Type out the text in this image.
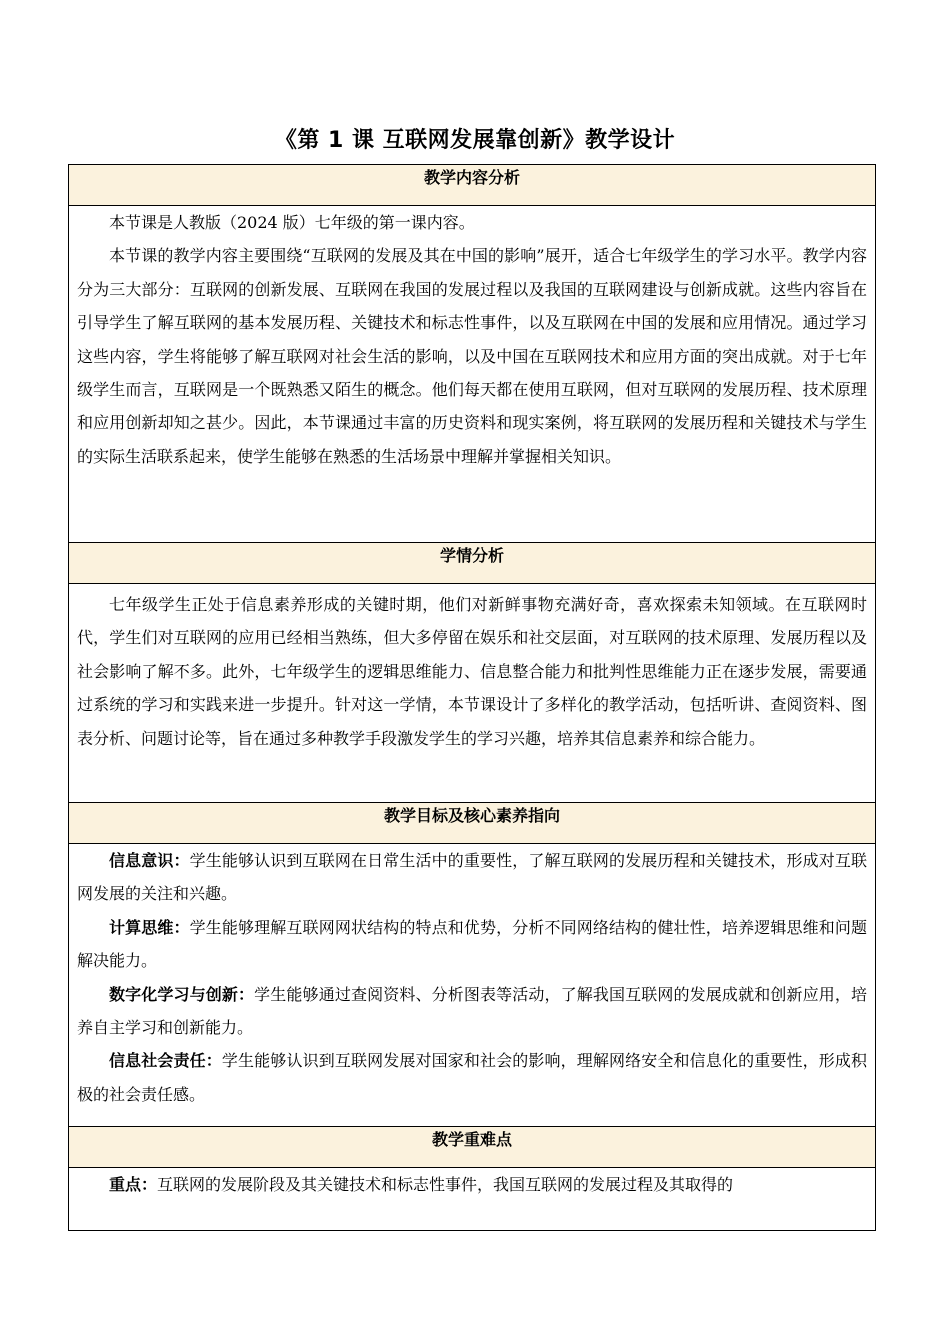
《第 1 课 互联网发展靠创新》教学设计
教学内容分析

本节课是人教版（2024 版）七年级的第一课内容。

本节课的教学内容主要围绕“互联网的发展及其在中国的影响”展开，适合七年级学生的学习水平。教学内容分为三大部分：互联网的创新发展、互联网在我国的发展过程以及我国的互联网建设与创新成就。这些内容旨在引导学生了解互联网的基本发展历程、关键技术和标志性事件，以及互联网在中国的发展和应用情况。通过学习这些内容，学生将能够了解互联网对社会生活的影响，以及中国在互联网技术和应用方面的突出成就。对于七年级学生而言，互联网是一个既熟悉又陌生的概念。他们每天都在使用互联网，但对互联网的发展历程、技术原理和应用创新却知之甚少。因此，本节课通过丰富的历史资料和现实案例，将互联网的发展历程和关键技术与学生的实际生活联系起来，使学生能够在熟悉的生活场景中理解并掌握相关知识。

学情分析

七年级学生正处于信息素养形成的关键时期，他们对新鲜事物充满好奇，喜欢探索未知领域。在互联网时代，学生们对互联网的应用已经相当熟练，但大多停留在娱乐和社交层面，对互联网的技术原理、发展历程以及社会影响了解不多。此外，七年级学生的逻辑思维能力、信息整合能力和批判性思维能力正在逐步发展，需要通过系统的学习和实践来进一步提升。针对这一学情，本节课设计了多样化的教学活动，包括听讲、查阅资料、图表分析、问题讨论等，旨在通过多种教学手段激发学生的学习兴趣，培养其信息素养和综合能力。

教学目标及核心素养指向

信息意识：学生能够认识到互联网在日常生活中的重要性，了解互联网的发展历程和关键技术，形成对互联网发展的关注和兴趣。

计算思维：学生能够理解互联网网状结构的特点和优势，分析不同网络结构的健壮性，培养逻辑思维和问题解决能力。

数字化学习与创新：学生能够通过查阅资料、分析图表等活动，了解我国互联网的发展成就和创新应用，培养自主学习和创新能力。

信息社会责任：学生能够认识到互联网发展对国家和社会的影响，理解网络安全和信息化的重要性，形成积极的社会责任感。

教学重难点

重点：互联网的发展阶段及其关键技术和标志性事件，我国互联网的发展过程及其取得的
